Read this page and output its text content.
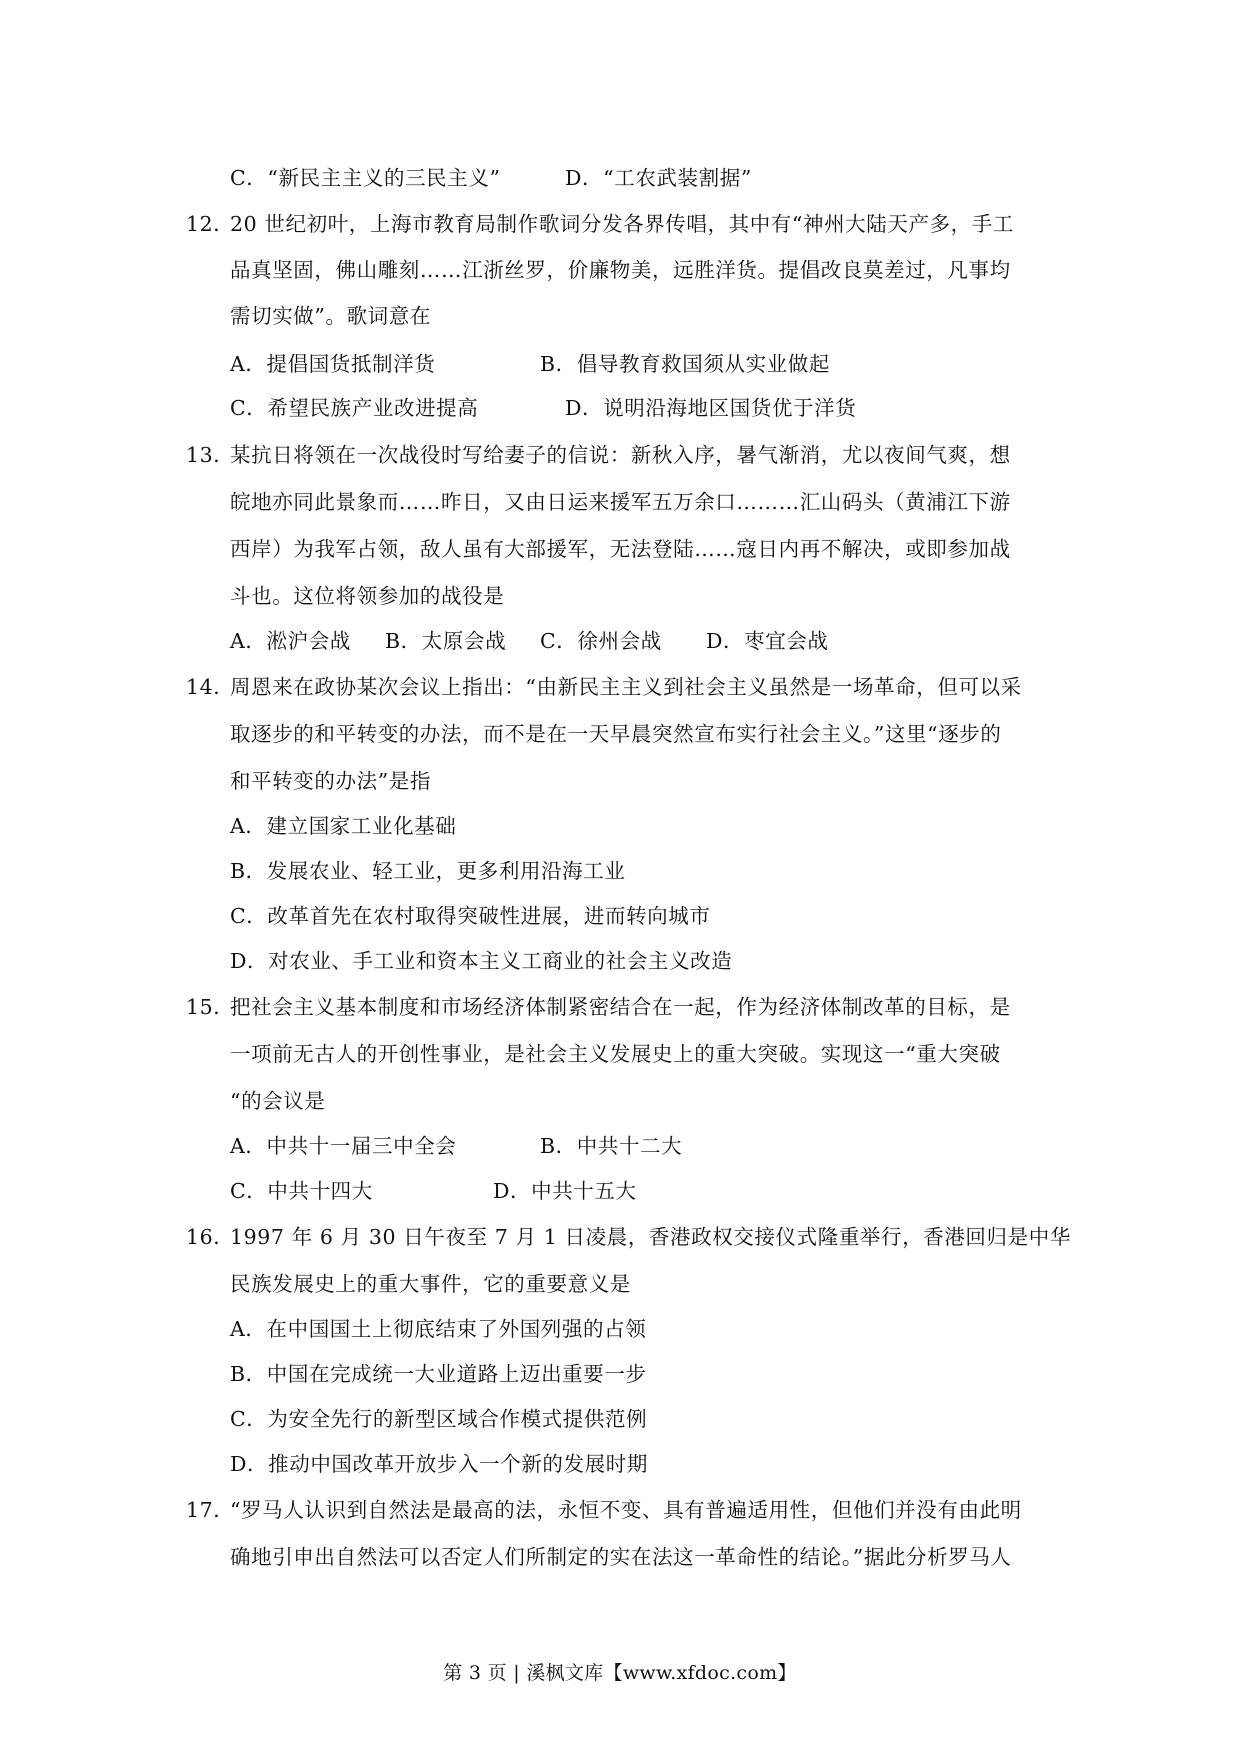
C．“新民主主义的三民主义”	D．“工农武装割据”
12．
20 世纪初叶，上海市教育局制作歌词分发各界传唱，其中有“神州大陆天产多，手工
品真坚固，佛山雕刻……江浙丝罗，价廉物美，远胜洋货。提倡改良莫差过，凡事均
需切实做”。歌词意在
A．提倡国货抵制洋货	B．倡导教育救国须从实业做起
C．希望民族产业改进提高	D．说明沿海地区国货优于洋货
13．
某抗日将领在一次战役时写给妻子的信说：新秋入序，暑气渐消，尤以夜间气爽，想
皖地亦同此景象而……昨日，又由日运来援军五万余口………汇山码头（黄浦江下游
西岸）为我军占领，敌人虽有大部援军，无法登陆……寇日内再不解决，或即参加战
斗也。这位将领参加的战役是
A．淞沪会战 B．太原会战 C．徐州会战 D．枣宜会战
14．
周恩来在政协某次会议上指出：“由新民主主义到社会主义虽然是一场革命，但可以采
取逐步的和平转变的办法，而不是在一天早晨突然宣布实行社会主义。”这里“逐步的
和平转变的办法”是指
A．建立国家工业化基础
B．发展农业、轻工业，更多利用沿海工业
C．改革首先在农村取得突破性进展，进而转向城市
D．对农业、手工业和资本主义工商业的社会主义改造
15．
把社会主义基本制度和市场经济体制紧密结合在一起，作为经济体制改革的目标，是
一项前无古人的开创性事业，是社会主义发展史上的重大突破。实现这一“重大突破
“的会议是
A．中共十一届三中全会	B．中共十二大
C．中共十四大	D．中共十五大
16．
1997 年 6 月 30 日午夜至 7 月 1 日凌晨，香港政权交接仪式隆重举行，香港回归是中华
民族发展史上的重大事件，它的重要意义是
A．在中国国土上彻底结束了外国列强的占领
B．中国在完成统一大业道路上迈出重要一步
C．为安全先行的新型区域合作模式提供范例
D．推动中国改革开放步入一个新的发展时期
17．
“罗马人认识到自然法是最高的法，永恒不变、具有普遍适用性，但他们并没有由此明
确地引申出自然法可以否定人们所制定的实在法这一革命性的结论。”据此分析罗马人
第 3 页 | 溪枫文库【www.xfdoc.com】
